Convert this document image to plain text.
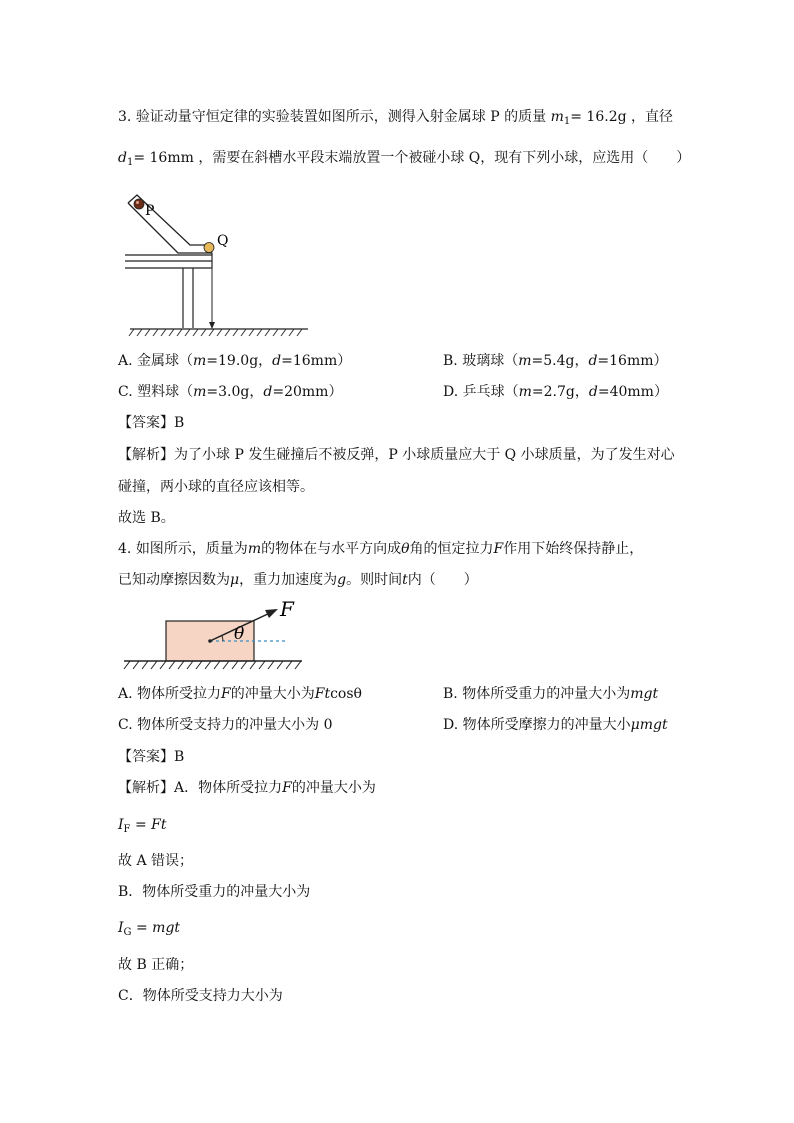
3. 验证动量守恒定律的实验装置如图所示，测得入射金属球 P 的质量 $m_1= 16.2g$ ，直径
$d_1= 16mm$ ，需要在斜槽水平段末端放置一个被碰小球 Q，现有下列小球，应选用（　　）
P
Q
A. 金属球（m=19.0g，d=16mm）	B. 玻璃球（m=5.4g，d=16mm）
C. 塑料球（m=3.0g，d=20mm）	D. 乒乓球（m=2.7g，d=40mm）
【答案】B
【解析】为了小球 P 发生碰撞后不被反弹，P 小球质量应大于 Q 小球质量，为了发生对心
碰撞，两小球的直径应该相等。
故选 B。
4. 如图所示，质量为m的物体在与水平方向成θ角的恒定拉力F作用下始终保持静止，
已知动摩擦因数为μ，重力加速度为g。则时间t内（　　）
θ
F
A. 物体所受拉力F的冲量大小为Ftcosθ	B. 物体所受重力的冲量大小为mgt
C. 物体所受支持力的冲量大小为 0	D. 物体所受摩擦力的冲量大小μmgt
【答案】B
【解析】A．物体所受拉力F的冲量大小为
$I_F = Ft$
故 A 错误；
B．物体所受重力的冲量大小为
$I_G$ = mgt
故 B 正确；
C．物体所受支持力大小为
